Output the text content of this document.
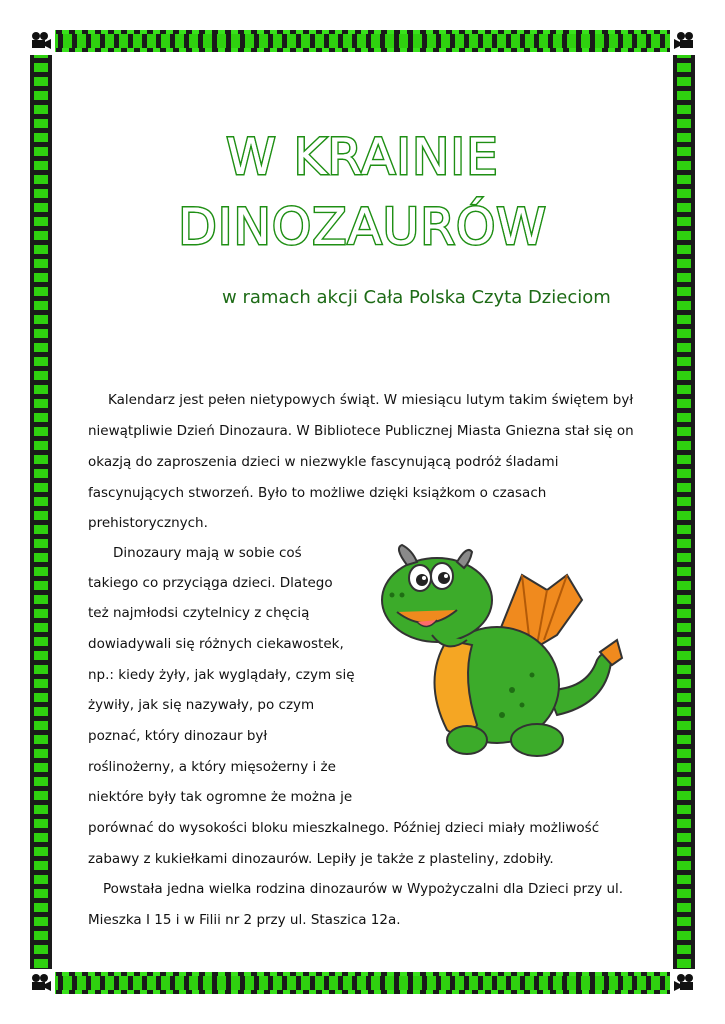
W KRAINIE
DINOZAURÓW
w ramach akcji Cała Polska Czyta Dzieciom
Kalendarz jest pełen nietypowych świąt. W miesiącu lutym takim świętem był
niewątpliwie Dzień Dinozaura. W Bibliotece Publicznej Miasta Gniezna stał się on
okazją do zaproszenia dzieci w niezwykle fascynującą podróż śladami
fascynujących stworzeń. Było to możliwe dzięki książkom o czasach
prehistorycznych.
Dinozaury mają w sobie coś
takiego co przyciąga dzieci. Dlatego
też najmłodsi czytelnicy z chęcią
dowiadywali się różnych ciekawostek,
np.: kiedy żyły, jak wyglądały, czym się
żywiły, jak się nazywały, po czym
poznać, który dinozaur był
roślinożerny, a który mięsożerny i że
niektóre były tak ogromne że można je
porównać do wysokości bloku mieszkalnego. Później dzieci miały możliwość
zabawy z kukiełkami dinozaurów. Lepiły je także z plasteliny, zdobiły.
Powstała jedna wielka rodzina dinozaurów w Wypożyczalni dla Dzieci przy ul.
Mieszka I 15 i w Filii nr 2 przy ul. Staszica 12a.
